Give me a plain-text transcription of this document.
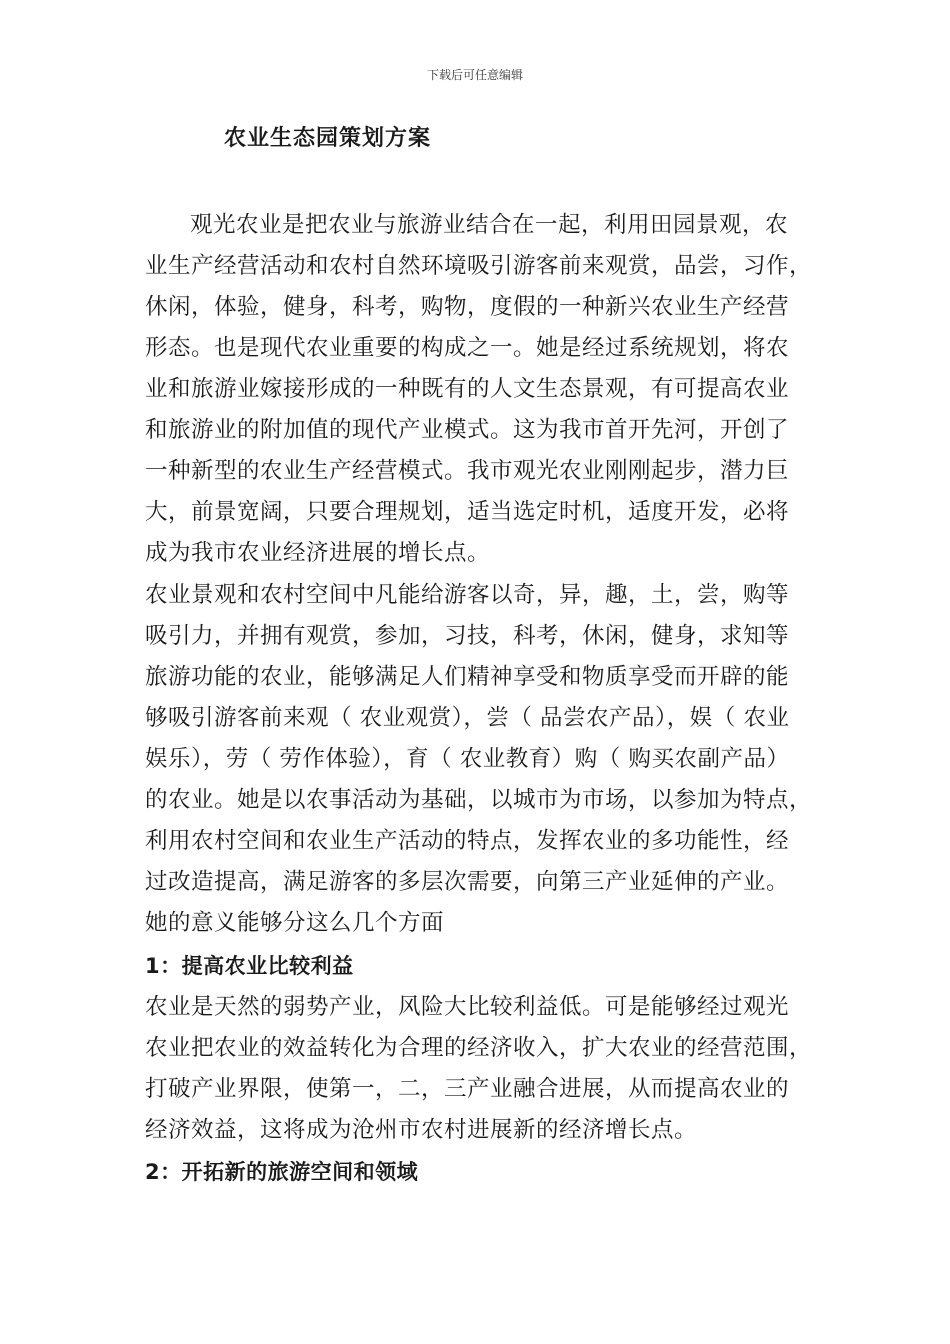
下载后可任意编辑
农业生态园策划方案
观光农业是把农业与旅游业结合在一起，利用田园景观，农
业生产经营活动和农村自然环境吸引游客前来观赏，品尝，习作，
休闲，体验，健身，科考，购物，度假的一种新兴农业生产经营
形态。也是现代农业重要的构成之一。她是经过系统规划，将农
业和旅游业嫁接形成的一种既有的人文生态景观，有可提高农业
和旅游业的附加值的现代产业模式。这为我市首开先河，开创了
一种新型的农业生产经营模式。我市观光农业刚刚起步，潜力巨
大，前景宽阔，只要合理规划，适当选定时机，适度开发，必将
成为我市农业经济进展的增长点。
农业景观和农村空间中凡能给游客以奇，异，趣，土，尝，购等
吸引力，并拥有观赏，参加，习技，科考，休闲，健身，求知等
旅游功能的农业，能够满足人们精神享受和物质享受而开辟的能
够吸引游客前来观（ 农业观赏），尝（ 品尝农产品），娱（ 农业
娱乐），劳（ 劳作体验），育（ 农业教育）购（ 购买农副产品）
的农业。她是以农事活动为基础，以城市为市场，以参加为特点，
利用农村空间和农业生产活动的特点，发挥农业的多功能性，经
过改造提高，满足游客的多层次需要，向第三产业延伸的产业。
她的意义能够分这么几个方面
1：提高农业比较利益
农业是天然的弱势产业，风险大比较利益低。可是能够经过观光
农业把农业的效益转化为合理的经济收入，扩大农业的经营范围，
打破产业界限，使第一，二，三产业融合进展，从而提高农业的
经济效益，这将成为沧州市农村进展新的经济增长点。
2：开拓新的旅游空间和领域
